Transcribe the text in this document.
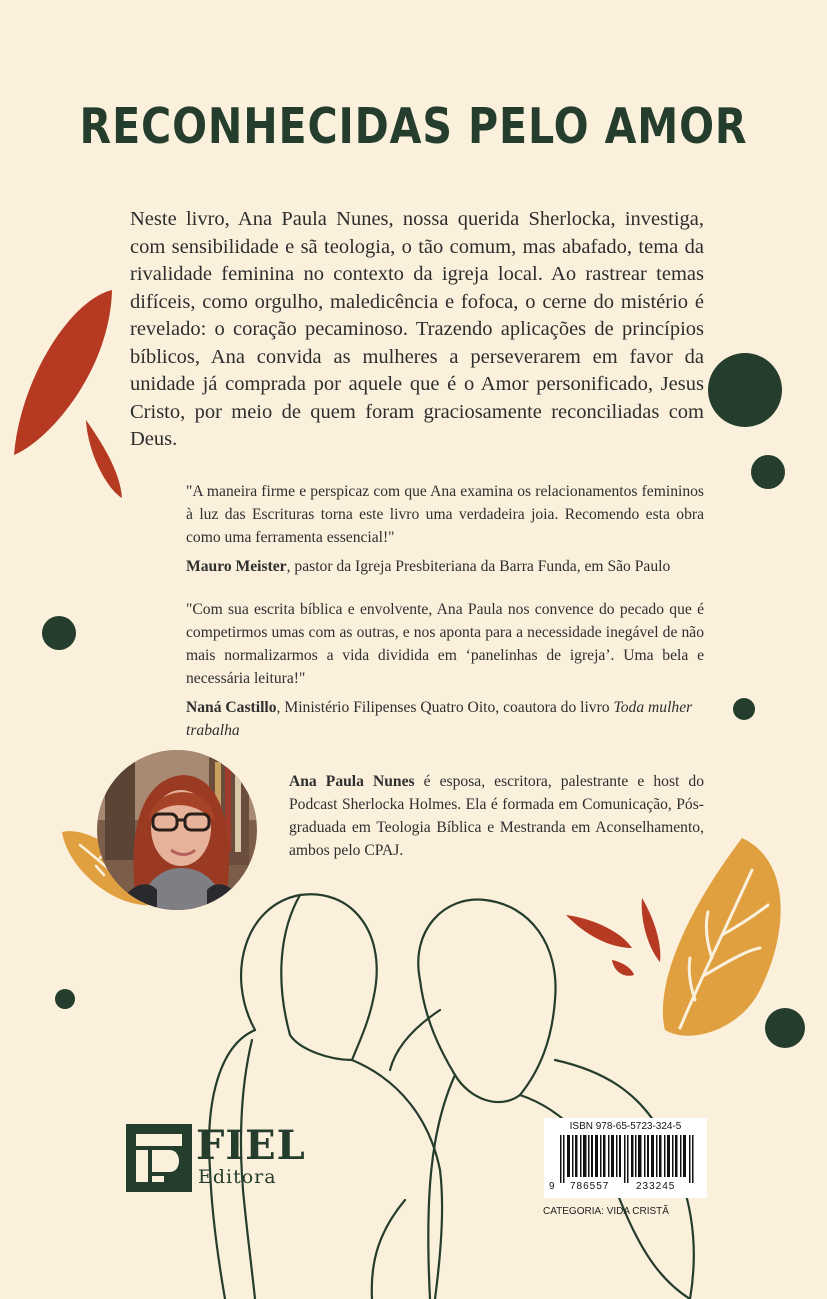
RECONHECIDAS PELO AMOR

Neste livro, Ana Paula Nunes, nossa querida Sherlocka, investiga, com sensibilidade e sã teologia, o tão comum, mas abafado, tema da rivalidade feminina no contexto da igreja local. Ao rastrear temas difíceis, como orgulho, maledicência e fofoca, o cerne do mistério é revelado: o coração pecaminoso. Trazendo aplicações de princípios bíblicos, Ana convida as mulheres a perseverarem em favor da unidade já comprada por aquele que é o Amor personificado, Jesus Cristo, por meio de quem foram graciosamente reconciliadas com Deus.

"A maneira firme e perspicaz com que Ana examina os relacionamentos femininos à luz das Escrituras torna este livro uma verdadeira joia. Recomendo esta obra como uma ferramenta essencial!"

Mauro Meister, pastor da Igreja Presbiteriana da Barra Funda, em São Paulo

"Com sua escrita bíblica e envolvente, Ana Paula nos convence do pecado que é competirmos umas com as outras, e nos aponta para a necessidade inegável de não mais normalizarmos a vida dividida em ‘panelinhas de igreja’. Uma bela e necessária leitura!"

Naná Castillo, Ministério Filipenses Quatro Oito, coautora do livro Toda mulher trabalha

Ana Paula Nunes é esposa, escritora, palestrante e host do Podcast Sherlocka Holmes. Ela é formada em Comunicação, Pós-graduada em Teologia Bíblica e Mestranda em Aconselhamento, ambos pelo CPAJ.

FIEL
Editora
ISBN 978-65-5723-324-5
9 786557	233245
CATEGORIA: VIDA CRISTÃ
